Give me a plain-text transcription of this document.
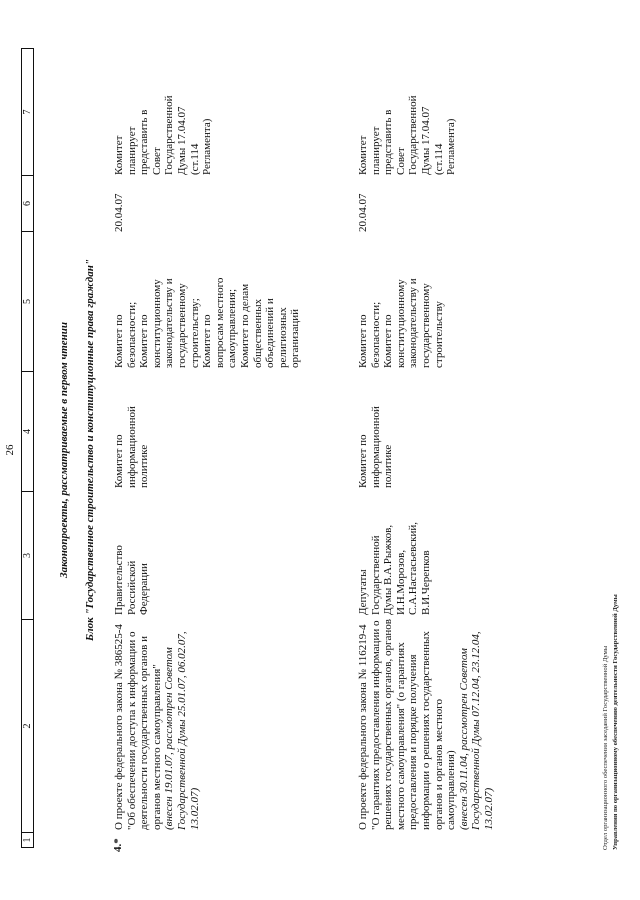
26
1
2
3
4
5
6
7
Законопроекты, рассматриваемые в первом чтении Блок "Государственное строительство и конституционные права граждан"
4.*
О проекте федерального закона № 386525-4 "Об обеспечении доступа к информации о деятельности государственных органов и органов местного самоуправления"
(внесен 19.01.07, рассмотрен Советом Государственной Думы 25.01.07, 06.02.07, 13.02.07)
Правительство Российской Федерации
Комитет по информационной политике
Комитет по безопасности; Комитет по конституционному законодательству и государственному строительству; Комитет по вопросам местного самоуправления; Комитет по делам общественных объединений и религиозных организаций
20.04.07
Комитет планирует представить в Совет Государственной Думы 17.04.07 (ст.114 Регламента)
О проекте федерального закона № 116219-4 "О гарантиях предоставления информации о решениях государственных органов, органов местного самоуправления" (о гарантиях предоставления и порядке получения информации о решениях государственных органов и органов местного самоуправления)
(внесен 30.11.04, рассмотрен Советом Государственной Думы 07.12.04, 23.12.04, 13.02.07)
Депутаты Государственной Думы В.А.Рыжков, И.Н.Морозов, С.А.Настасьевский, В.И.Черепков
Комитет по информационной политике
Комитет по безопасности; Комитет по конституционному законодательству и государственному строительству
20.04.07
Комитет планирует представить в Совет Государственной Думы 17.04.07 (ст.114 Регламента)
Отдел организационного обеспечения заседаний Государственной Думы Управления по организационному обеспечению деятельности Государственной Думы
